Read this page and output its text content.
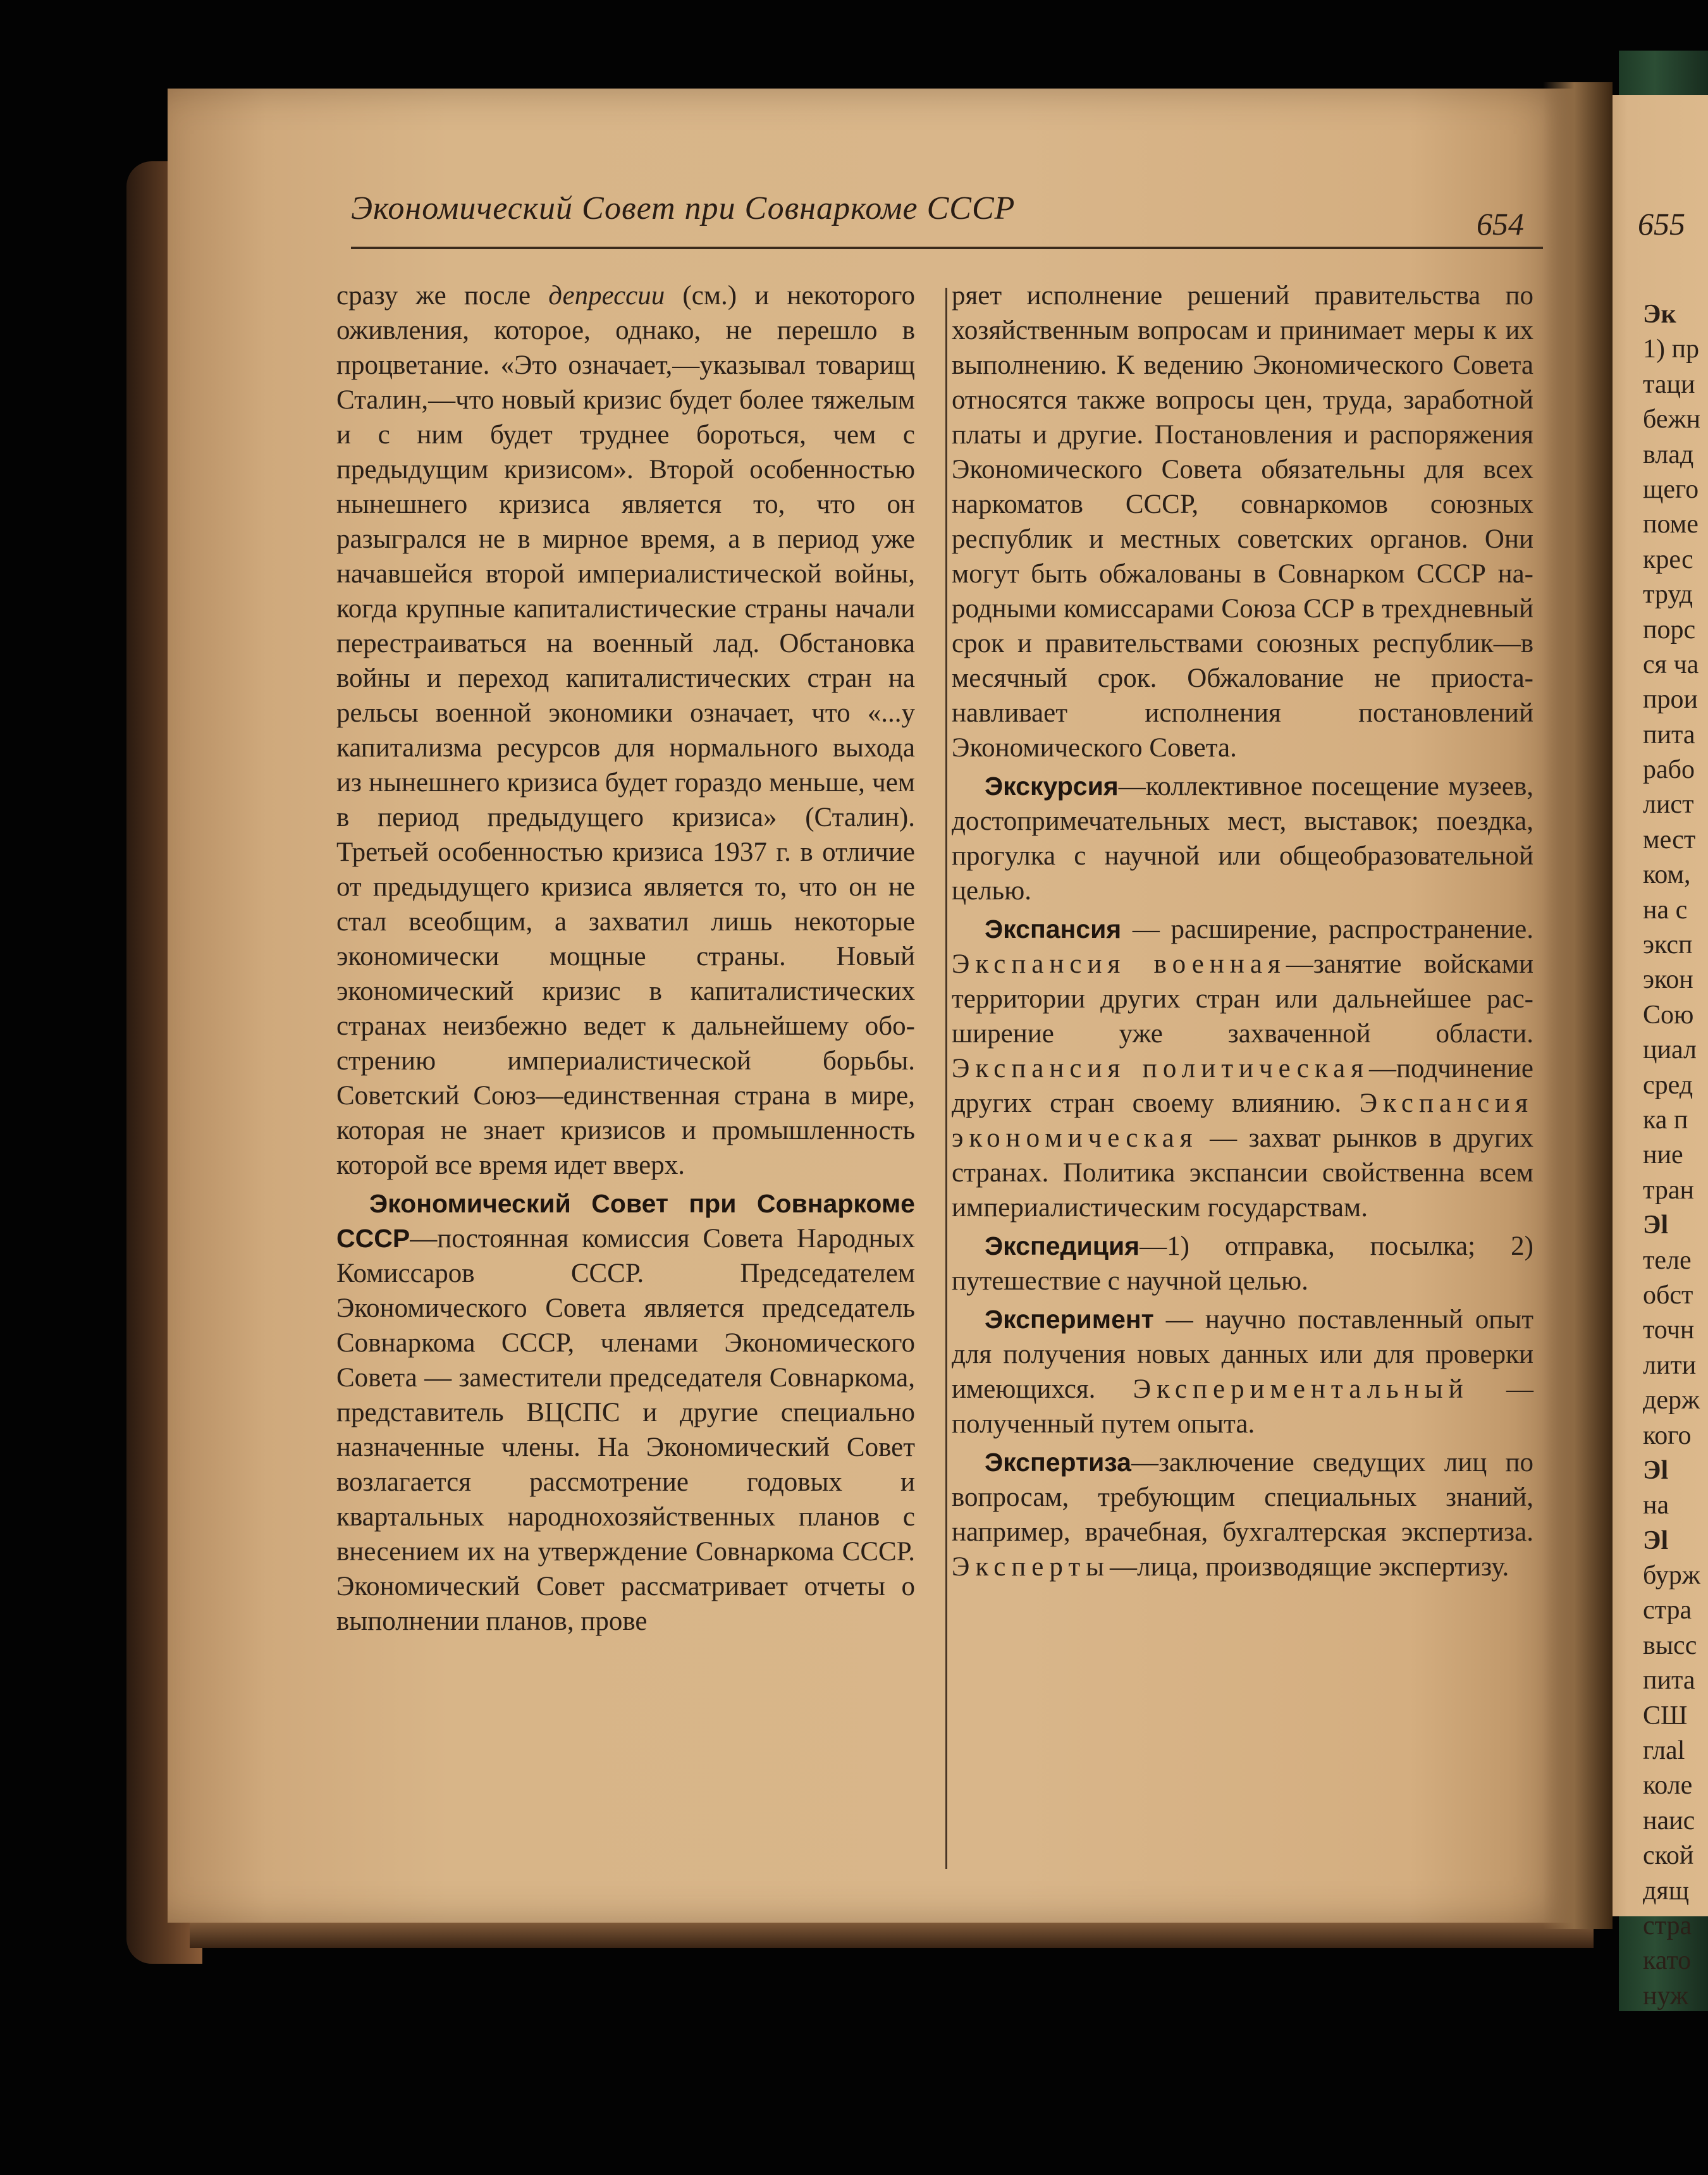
Экономический Совет при Совнаркоме СССР	654

сразу же после депрессии (см.) и некоторого оживления, которое, однако, не перешло в процветание. «Это означает,—указывал товарищ Сталин,—что новый кризис будет более тяжелым и с ним будет труднее бороться, чем с предыдущим кризисом». Второй особенностью нынешнего кризиса является то, что он разыгрался не в мирное время, а в период уже начавшейся второй империалистической войны, когда крупные капиталистические страны начали перестраиваться на военный лад. Обстановка войны и переход капиталистических стран на рельсы военной экономики означает, что «...у капитализма ресурсов для нормального выхода из нынешнего кризиса будет гораздо меньше, чем в период предыдущего кризиса» (Сталин). Третьей особенностью кризиса 1937 г. в отличие от предыдущего кризиса является то, что он не стал всеобщим, а захватил лишь некоторые экономически мощные страны. Новый экономический кризис в капиталистических странах неизбежно ведет к дальнейшему обострению империалистической борьбы. Советский Союз—единственная страна в мире, которая не знает кризисов и промышленность которой все время идет вверх.

Экономический Совет при Совнаркоме СССР—постоянная комиссия Совета Народных Комиссаров СССР. Председателем Экономического Совета является председатель Совнаркома СССР, членами Экономического Совета — заместители председателя Совнаркома, представитель ВЦСПС и другие специально назначенные члены. На Экономический Совет возлагается рассмотрение годовых и квартальных народнохозяйственных планов с внесением их на утверждение Совнаркома СССР. Экономический Совет рассматривает отчеты о выполнении планов, прове

ряет исполнение решений правительства по хозяйственным вопросам и принимает меры к их выполнению. К ведению Экономического Совета относятся также вопросы цен, труда, заработной платы и другие. Постановления и распоряжения Экономического Совета обязательны для всех наркоматов СССР, совнаркомов союзных республик и местных советских органов. Они могут быть обжалованы в Совнарком СССР народными комиссарами Союза ССР в трехдневный срок и правительствами союзных республик—в месячный срок. Обжалование не приостанавливает исполнения постановлений Экономического Совета.

Экскурсия—коллективное посещение музеев, достопримечательных мест, выставок; поездка, прогулка с научной или общеобразовательной целью.

Экспансия — расширение, распространение. Экспансия военная—занятие войсками территории других стран или дальнейшее расширение уже захваченной области. Экспансия политическая—подчинение других стран своему влиянию. Экспансия экономическая — захват рынков в других странах. Политика экспансии свойственна всем империалистическим государствам.

Экспедиция—1) отправка, посылка; 2) путешествие с научной целью.

Эксперимент — научно поставленный опыт для получения новых данных или для проверки имеющихся. Экспериментальный — полученный путем опыта.

Экспертиза—заключение сведущих лиц по вопросам, требующим специальных знаний, например, врачебная, бухгалтерская экспертиза. Эксперты—лица, производящие экспертизу.

655
Эк
1) пр
таци
бежн
влад
щего
поме
крес
труд
порс
ся ча
прои
пита
рабо
лист
мест
ком,
на с
эксп
экон
Сою
циал
сред
ка п
ние
тран
Эl
теле
обст
точн
лити
держ
кого
Эl
на
Эl
бурж
стра
высс
пита
СШ
глаl
коле
наис
ской
дящ
стра
като
нуж
